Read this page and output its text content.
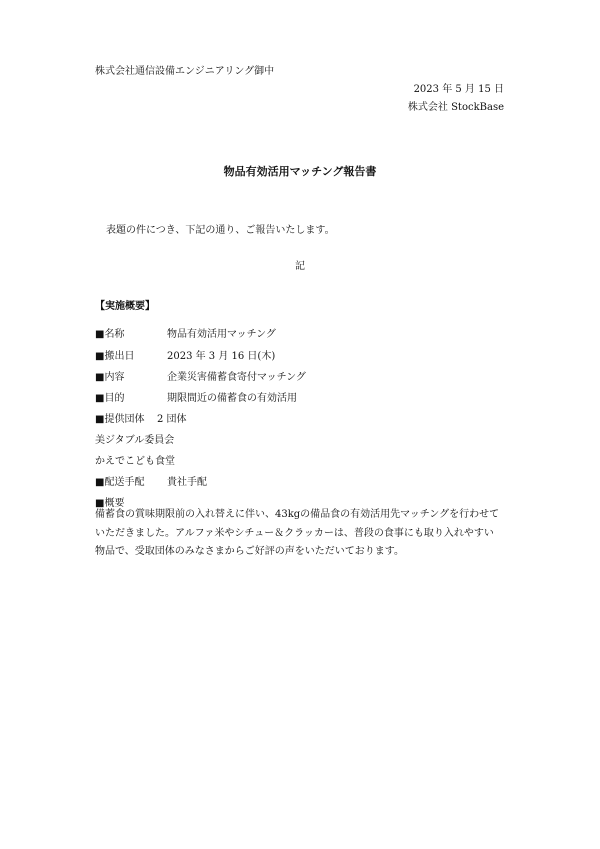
株式会社通信設備エンジニアリング御中
2023 年 5 月 15 日
株式会社 StockBase
物品有効活用マッチング報告書
表題の件につき、下記の通り、ご報告いたします。
記
【実施概要】
■名称	物品有効活用マッチング
■搬出日	2023 年 3 月 16 日(木)
■内容	企業災害備蓄食寄付マッチング
■目的	期限間近の備蓄食の有効活用
■提供団体 2 団体
美ジタブル委員会
かえでこども食堂
■配送手配 貴社手配
■概要

備蓄食の賞味期限前の入れ替えに伴い、43kgの備品食の有効活用先マッチングを行わせて

いただきました。アルファ米やシチュー＆クラッカーは、普段の食事にも取り入れやすい

物品で、受取団体のみなさまからご好評の声をいただいております。
